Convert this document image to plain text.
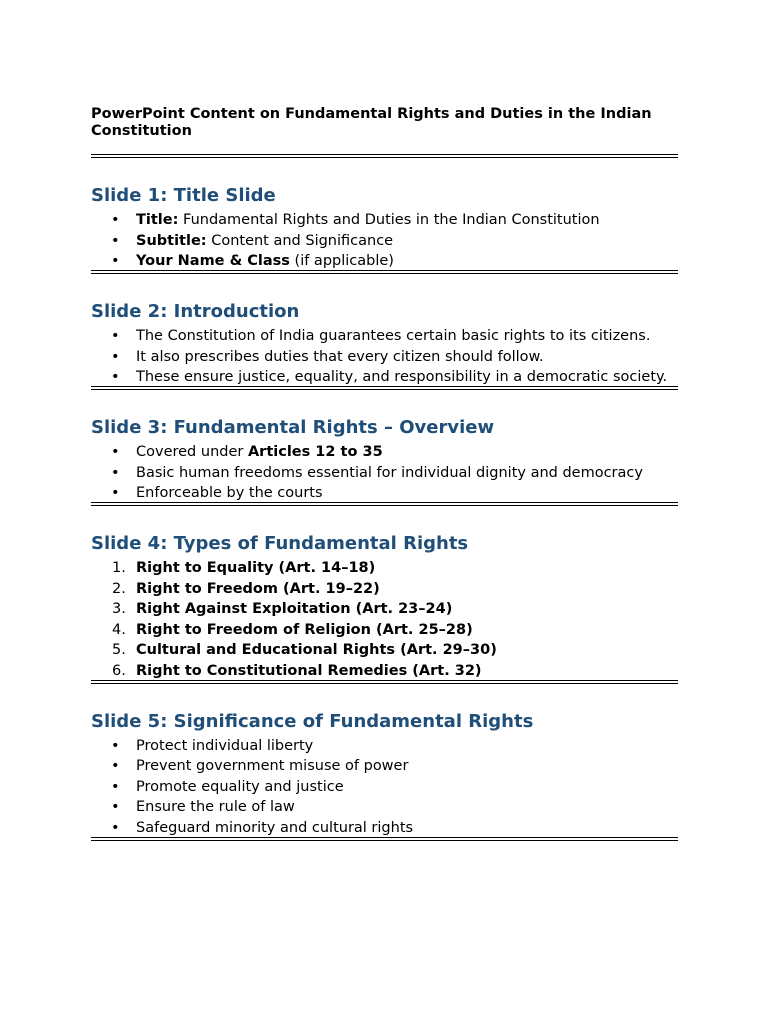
PowerPoint Content on Fundamental Rights and Duties in the Indian Constitution
Slide 1: Title Slide
• Title: Fundamental Rights and Duties in the Indian Constitution
• Subtitle: Content and Significance
• Your Name & Class (if applicable)
Slide 2: Introduction
• The Constitution of India guarantees certain basic rights to its citizens.
• It also prescribes duties that every citizen should follow.
• These ensure justice, equality, and responsibility in a democratic society.
Slide 3: Fundamental Rights – Overview
• Covered under Articles 12 to 35
• Basic human freedoms essential for individual dignity and democracy
• Enforceable by the courts
Slide 4: Types of Fundamental Rights
1. Right to Equality (Art. 14–18)
2. Right to Freedom (Art. 19–22)
3. Right Against Exploitation (Art. 23–24)
4. Right to Freedom of Religion (Art. 25–28)
5. Cultural and Educational Rights (Art. 29–30)
6. Right to Constitutional Remedies (Art. 32)
Slide 5: Significance of Fundamental Rights
• Protect individual liberty
• Prevent government misuse of power
• Promote equality and justice
• Ensure the rule of law
• Safeguard minority and cultural rights
